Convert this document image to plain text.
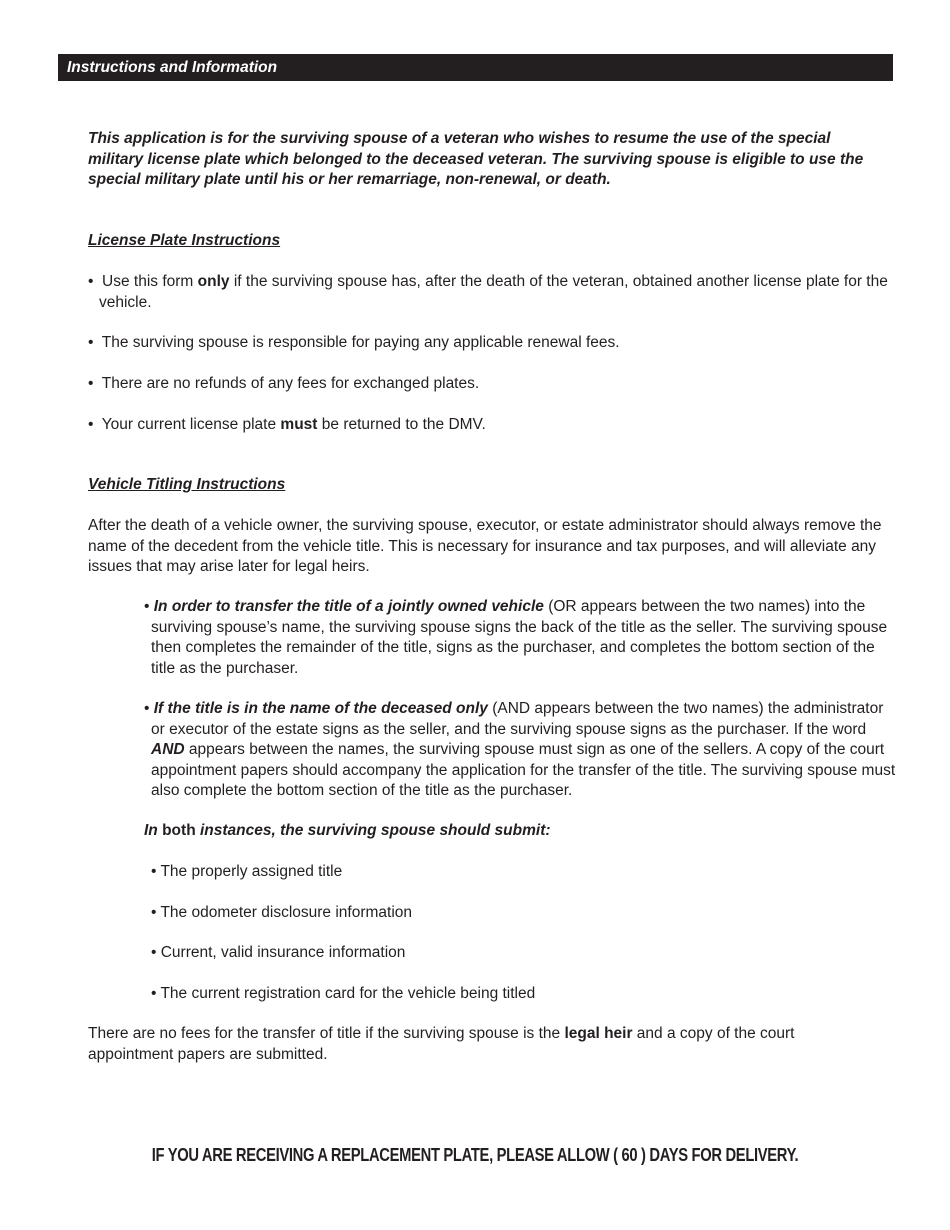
Instructions and Information
This application is for the surviving spouse of a veteran who wishes to resume the use of the special military license plate which belonged to the deceased veteran. The surviving spouse is eligible to use the special military plate until his or her remarriage, non-renewal, or death.
License Plate Instructions
•  Use this form only if the surviving spouse has, after the death of the veteran, obtained another license plate for the vehicle.
•  The surviving spouse is responsible for paying any applicable renewal fees.
•  There are no refunds of any fees for exchanged plates.
•  Your current license plate must be returned to the DMV.
Vehicle Titling Instructions
After the death of a vehicle owner, the surviving spouse, executor, or estate administrator should always remove the name of the decedent from the vehicle title. This is necessary for insurance and tax purposes, and will alleviate any issues that may arise later for legal heirs.
• In order to transfer the title of a jointly owned vehicle (OR appears between the two names) into the surviving spouse’s name, the surviving spouse signs the back of the title as the seller. The surviving spouse then completes the remainder of the title, signs as the purchaser, and completes the bottom section of the title as the purchaser.
• If the title is in the name of the deceased only (AND appears between the two names) the administrator or executor of the estate signs as the seller, and the surviving spouse signs as the purchaser. If the word AND appears between the names, the surviving spouse must sign as one of the sellers. A copy of the court appointment papers should accompany the application for the transfer of the title. The surviving spouse must also complete the bottom section of the title as the purchaser.
In both instances, the surviving spouse should submit:
• The properly assigned title
• The odometer disclosure information
• Current, valid insurance information
• The current registration card for the vehicle being titled
There are no fees for the transfer of title if the surviving spouse is the legal heir and a copy of the court appointment papers are submitted.
IF YOU ARE RECEIVING A REPLACEMENT PLATE, PLEASE ALLOW ( 60 ) DAYS FOR DELIVERY.
